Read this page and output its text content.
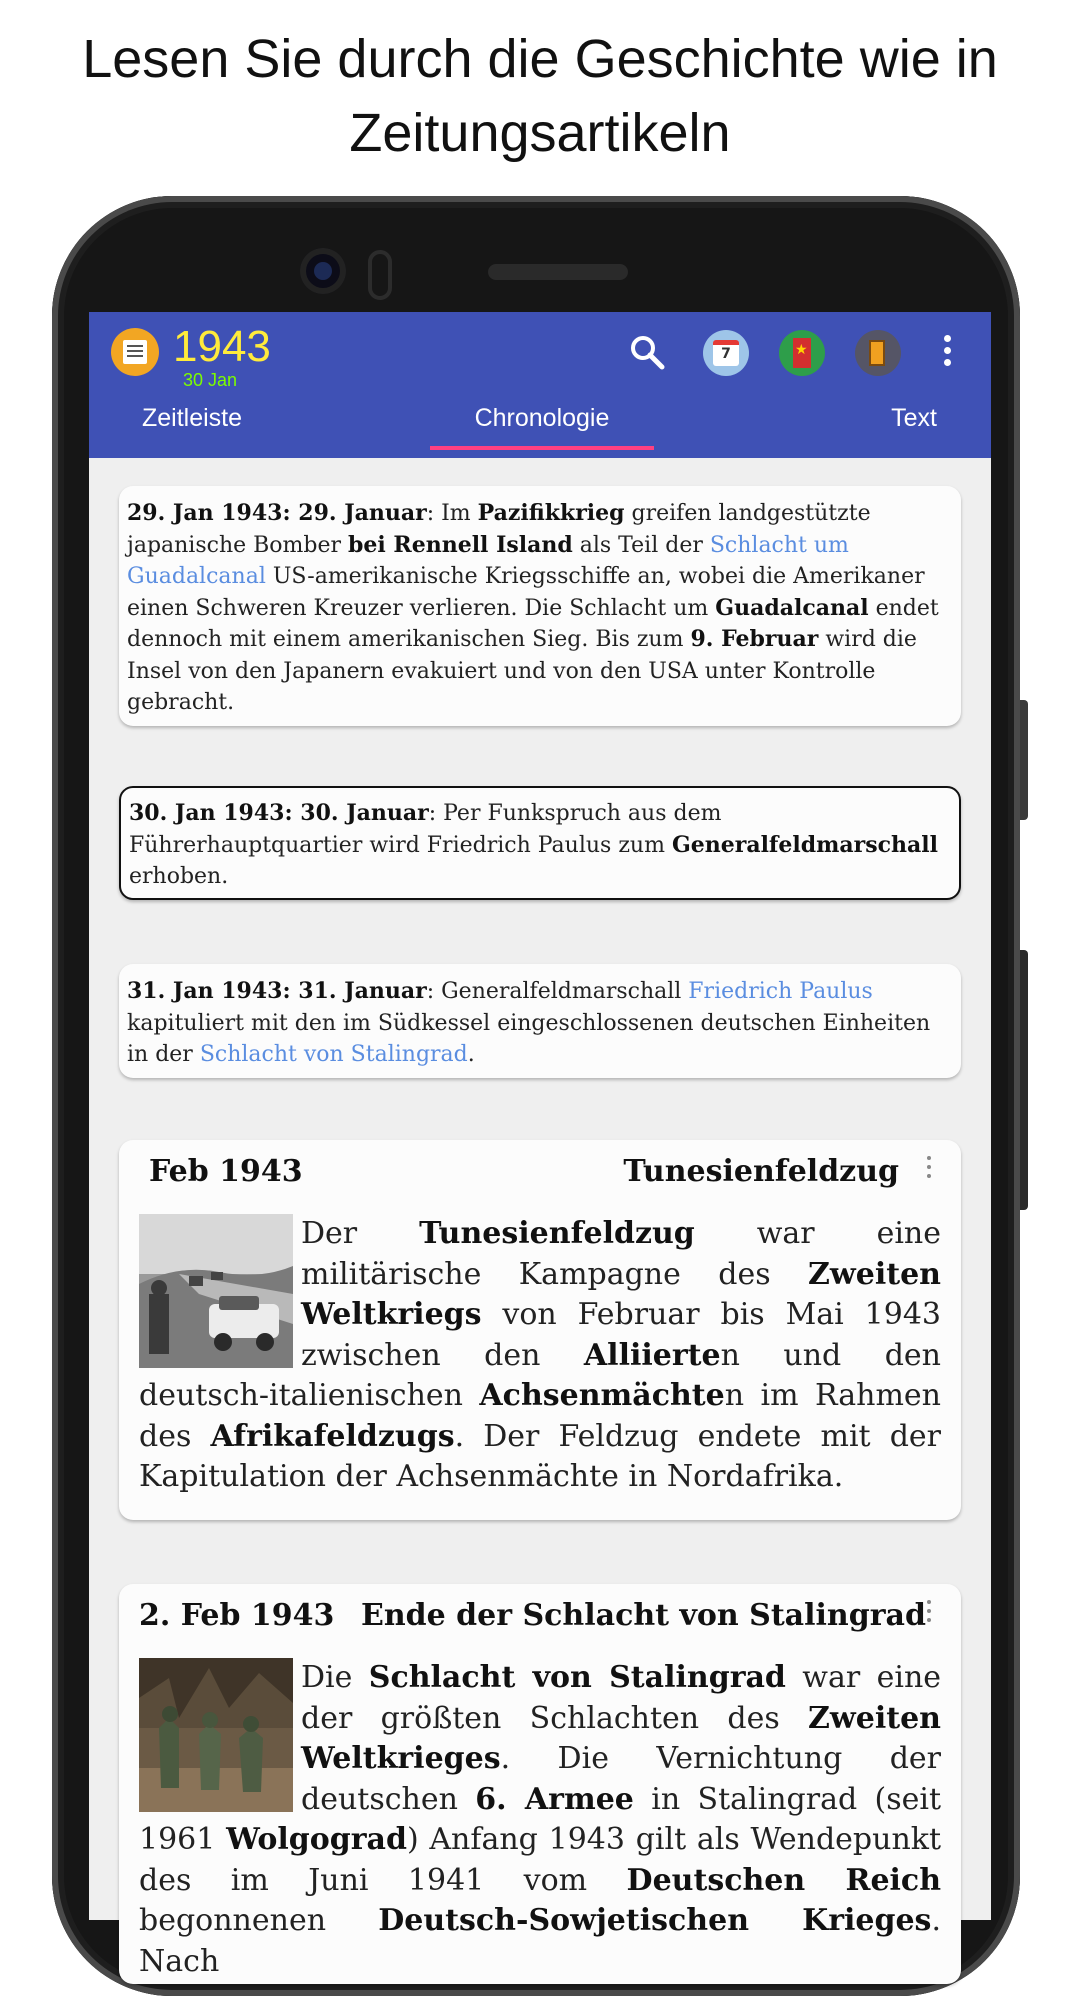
Lesen Sie durch die Geschichte wie in Zeitungsartikeln
1943
30 Jan
7
★
Zeitleiste	Chronologie	Text
29. Jan 1943: 29. Januar: Im Pazifikkrieg greifen landgestützte japanische Bomber bei Rennell Island als Teil der Schlacht um Guadalcanal US-amerikanische Kriegsschiffe an, wobei die Amerikaner einen Schweren Kreuzer verlieren. Die Schlacht um Guadalcanal endet dennoch mit einem amerikanischen Sieg. Bis zum 9. Februar wird die Insel von den Japanern evakuiert und von den USA unter Kontrolle gebracht.
30. Jan 1943: 30. Januar: Per Funkspruch aus dem Führerhauptquartier wird Friedrich Paulus zum Generalfeldmarschall erhoben.
31. Jan 1943: 31. Januar: Generalfeldmarschall Friedrich Paulus kapituliert mit den im Südkessel eingeschlossenen deutschen Einheiten in der Schlacht von Stalingrad.
Feb 1943	Tunesienfeldzug
Der Tunesienfeldzug war eine militärische Kampagne des Zweiten Weltkriegs von Februar bis Mai 1943 zwischen den Alliierten und den deutsch-italienischen Achsenmächten im Rahmen des Afrikafeldzugs. Der Feldzug endete mit der Kapitulation der Achsenmächte in Nordafrika.
2. Feb 1943 Ende der Schlacht von Stalingrad
Die Schlacht von Stalingrad war eine der größten Schlachten des Zweiten Weltkrieges. Die Vernichtung der deutschen 6. Armee in Stalingrad (seit 1961 Wolgograd) Anfang 1943 gilt als Wendepunkt des im Juni 1941 vom Deutschen Reich begonnenen Deutsch-Sowjetischen Krieges. Nach
